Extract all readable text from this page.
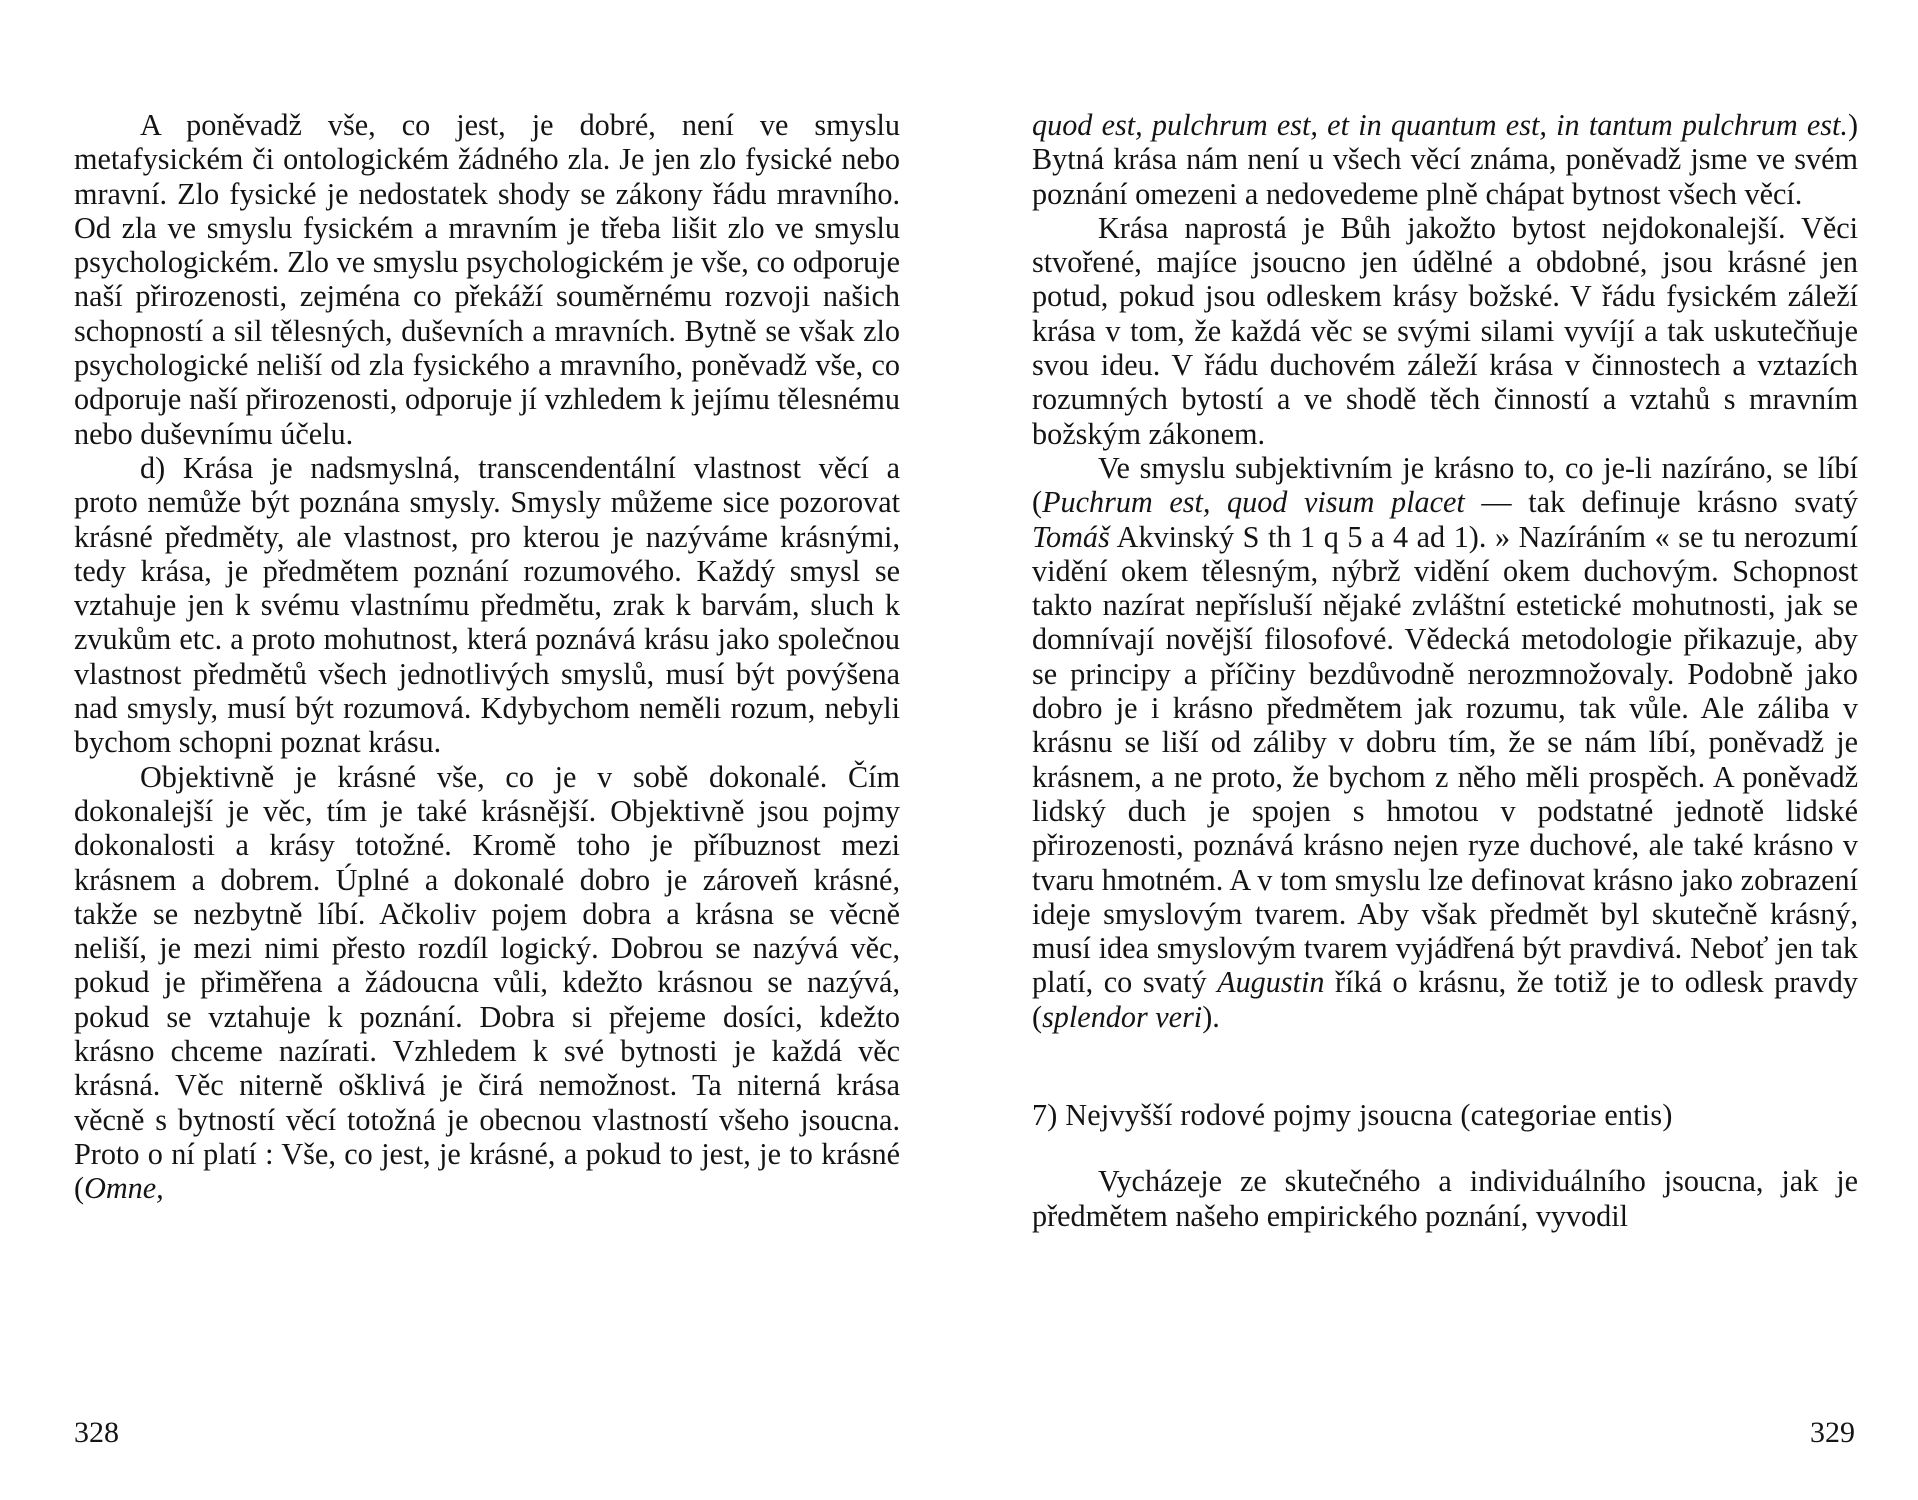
A poněvadž vše, co jest, je dobré, není ve smyslu metafysickém či ontologickém žádného zla. Je jen zlo fysické nebo mravní. Zlo fysické je nedostatek shody se zákony řádu mravního. Od zla ve smyslu fysickém a mravním je třeba lišit zlo ve smyslu psychologickém. Zlo ve smyslu psychologickém je vše, co odporuje naší přirozenosti, zejména co překáží souměrnému rozvoji našich schopností a sil tělesných, duševních a mravních. Bytně se však zlo psychologické neliší od zla fysického a mravního, poněvadž vše, co odporuje naší přirozenosti, odporuje jí vzhledem k jejímu tělesnému nebo duševnímu účelu.

d) Krása je nadsmyslná, transcendentální vlastnost věcí a proto nemůže být poznána smysly. Smysly můžeme sice pozorovat krásné předměty, ale vlastnost, pro kterou je nazýváme krásnými, tedy krása, je předmětem poznání rozumového. Každý smysl se vztahuje jen k svému vlastnímu předmětu, zrak k barvám, sluch k zvukům etc. a proto mohutnost, která poznává krásu jako společnou vlastnost předmětů všech jednotlivých smyslů, musí být povýšena nad smysly, musí být rozumová. Kdybychom neměli rozum, nebyli bychom schopni poznat krásu.

Objektivně je krásné vše, co je v sobě dokonalé. Čím dokonalejší je věc, tím je také krásnější. Objektivně jsou pojmy dokonalosti a krásy totožné. Kromě toho je příbuznost mezi krásnem a dobrem. Úplné a dokonalé dobro je zároveň krásné, takže se nezbytně líbí. Ačkoliv pojem dobra a krásna se věcně neliší, je mezi nimi přesto rozdíl logický. Dobrou se nazývá věc, pokud je přiměřena a žádoucna vůli, kdežto krásnou se nazývá, pokud se vztahuje k poznání. Dobra si přejeme dosíci, kdežto krásno chceme nazírati. Vzhledem k své bytnosti je každá věc krásná. Věc niterně ošklivá je čirá nemožnost. Ta niterná krása věcně s bytností věcí totožná je obecnou vlastností všeho jsoucna. Proto o ní platí : Vše, co jest, je krásné, a pokud to jest, je to krásné (Omne,

328

quod est, pulchrum est, et in quantum est, in tantum pulchrum est.) Bytná krása nám není u všech věcí známa, poněvadž jsme ve svém poznání omezeni a nedovedeme plně chápat bytnost všech věcí.

Krása naprostá je Bůh jakožto bytost nejdokonalejší. Věci stvořené, majíce jsoucno jen údělné a obdobné, jsou krásné jen potud, pokud jsou odleskem krásy božské. V řádu fysickém záleží krása v tom, že každá věc se svými silami vyvíjí a tak uskutečňuje svou ideu. V řádu duchovém záleží krása v činnostech a vztazích rozumných bytostí a ve shodě těch činností a vztahů s mravním božským zákonem.

Ve smyslu subjektivním je krásno to, co je-li nazíráno, se líbí (Puchrum est, quod visum placet — tak definuje krásno svatý Tomáš Akvinský S th 1 q 5 a 4 ad 1). » Nazíráním « se tu nerozumí vidění okem tělesným, nýbrž vidění okem duchovým. Schopnost takto nazírat nepřísluší nějaké zvláštní estetické mohutnosti, jak se domnívají novější filosofové. Vědecká metodologie přikazuje, aby se principy a příčiny bezdůvodně nerozmnožovaly. Podobně jako dobro je i krásno předmětem jak rozumu, tak vůle. Ale záliba v krásnu se liší od záliby v dobru tím, že se nám líbí, poněvadž je krásnem, a ne proto, že bychom z něho měli prospěch. A poněvadž lidský duch je spojen s hmotou v podstatné jednotě lidské přirozenosti, poznává krásno nejen ryze duchové, ale také krásno v tvaru hmotném. A v tom smyslu lze definovat krásno jako zobrazení ideje smyslovým tvarem. Aby však předmět byl skutečně krásný, musí idea smyslovým tvarem vyjádřená být pravdivá. Neboť jen tak platí, co svatý Augustin říká o krásnu, že totiž je to odlesk pravdy (splendor veri).

7) Nejvyšší rodové pojmy jsoucna (categoriae entis)

Vycházeje ze skutečného a individuálního jsoucna, jak je předmětem našeho empirického poznání, vyvodil

329
